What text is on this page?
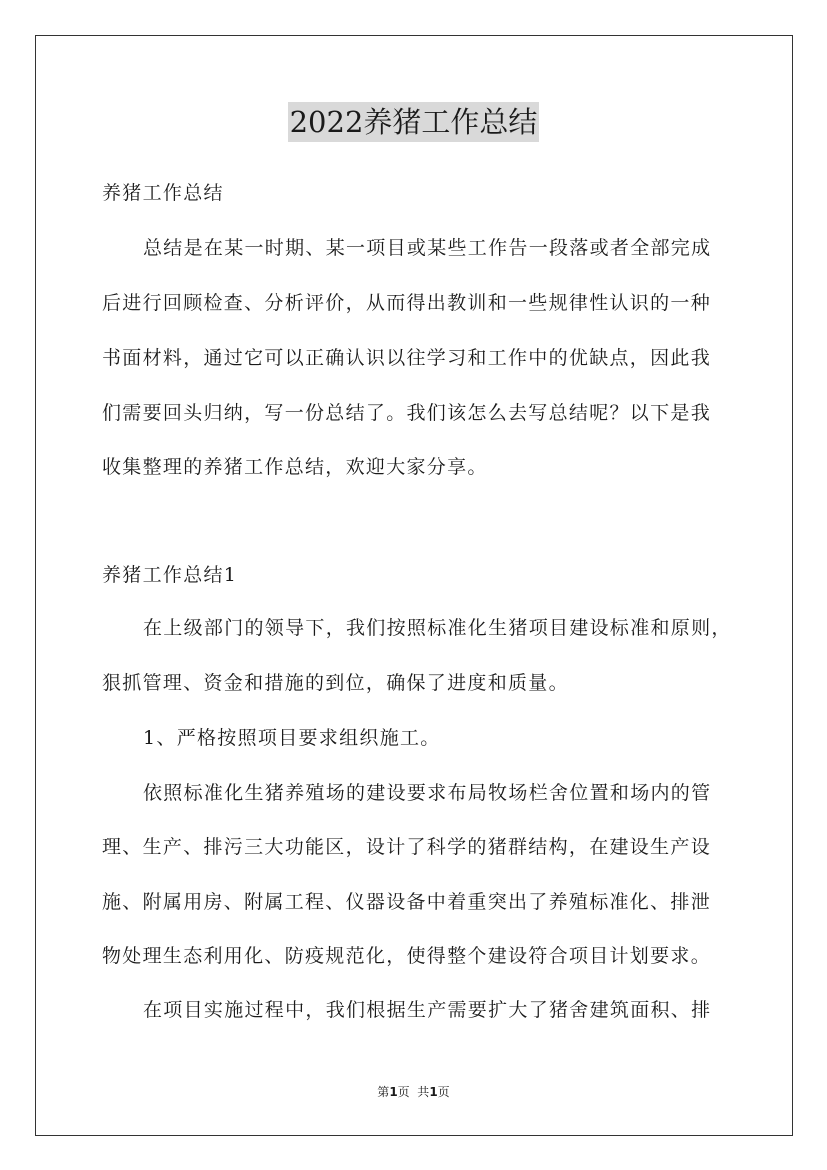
2022养猪工作总结

养猪工作总结

总结是在某一时期、某一项目或某些工作告一段落或者全部完成

后进行回顾检查、分析评价，从而得出教训和一些规律性认识的一种

书面材料，通过它可以正确认识以往学习和工作中的优缺点，因此我

们需要回头归纳，写一份总结了。我们该怎么去写总结呢？以下是我

收集整理的养猪工作总结，欢迎大家分享。

养猪工作总结1

在上级部门的领导下，我们按照标准化生猪项目建设标准和原则，

狠抓管理、资金和措施的到位，确保了进度和质量。

1、严格按照项目要求组织施工。

依照标准化生猪养殖场的建设要求布局牧场栏舍位置和场内的管

理、生产、排污三大功能区，设计了科学的猪群结构，在建设生产设

施、附属用房、附属工程、仪器设备中着重突出了养殖标准化、排泄

物处理生态利用化、防疫规范化，使得整个建设符合项目计划要求。

在项目实施过程中，我们根据生产需要扩大了猪舍建筑面积、排

第1页  共1页
